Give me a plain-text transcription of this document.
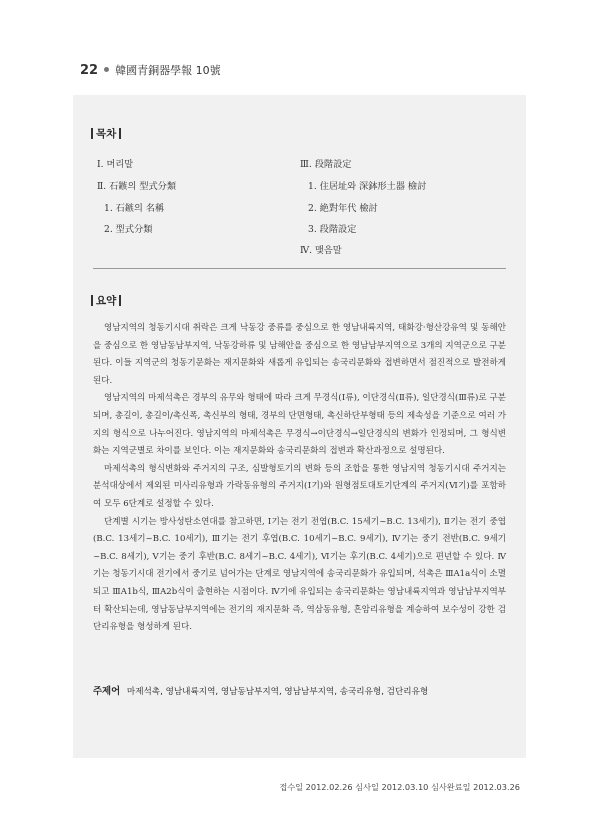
22 韓國青銅器學報 10號
목차
Ⅰ. 머리말
Ⅱ. 石鏃의 型式分類
1. 石鏃의 名稱
2. 型式分類
Ⅲ. 段階設定
1. 住居址와 深鉢形土器 檢討
2. 絶對年代 檢討
3. 段階設定
Ⅳ. 맺음말
요약

영남지역의 청동기시대 취락은 크게 낙동강 중류를 중심으로 한 영남내륙지역, 태화강·형산강유역 및 동해안을 중심으로 한 영남동남부지역, 낙동강하류 및 남해안을 중심으로 한 영남남부지역으로 3개의 지역군으로 구분된다. 이들 지역군의 청동기문화는 재지문화와 새롭게 유입되는 송국리문화와 접변하면서 점진적으로 발전하게 된다.

영남지역의 마제석촉은 경부의 유무와 형태에 따라 크게 무경식(Ⅰ류), 이단경식(Ⅱ류), 일단경식(Ⅲ류)로 구분되며, 총길이, 총길이/촉신폭, 촉신부의 형태, 경부의 단면형태, 촉신하단부형태 등의 제속성을 기준으로 여러 가지의 형식으로 나누어진다. 영남지역의 마제석촉은 무경식→이단경식→일단경식의 변화가 인정되며, 그 형식변화는 지역군별로 차이를 보인다. 이는 재지문화와 송국리문화의 접변과 확산과정으로 설명된다.

마제석촉의 형식변화와 주거지의 구조, 심발형토기의 변화 등의 조합을 통한 영남지역 청동기시대 주거지는 분석대상에서 제외된 미사리유형과 가락동유형의 주거지(Ⅰ기)와 원형점토대토기단계의 주거지(Ⅵ기)를 포함하여 모두 6단계로 설정할 수 있다.

단계별 시기는 방사성탄소연대를 참고하면, Ⅰ기는 전기 전엽(B.C. 15세기~B.C. 13세기), Ⅱ기는 전기 중엽(B.C. 13세기~B.C. 10세기), Ⅲ기는 전기 후엽(B.C. 10세기~B.C. 9세기), Ⅳ기는 중기 전반(B.C. 9세기~B.C. 8세기), Ⅴ기는 중기 후반(B.C. 8세기~B.C. 4세기), Ⅵ기는 후기(B.C. 4세기)으로 편년할 수 있다. Ⅳ기는 청동기시대 전기에서 중기로 넘어가는 단계로 영남지역에 송국리문화가 유입되며, 석촉은 ⅢA1a식이 소멸되고 ⅢA1b식, ⅢA2b식이 출현하는 시점이다. Ⅳ기에 유입되는 송국리문화는 영남내륙지역과 영남남부지역부터 확산되는데, 영남동남부지역에는 전기의 재지문화 즉, 역삼동유형, 흔암리유형을 계승하여 보수성이 강한 검단리유형을 형성하게 된다.

주제어 마제석촉, 영남내륙지역, 영남동남부지역, 영남남부지역, 송국리유형, 검단리유형
접수일 2012.02.26 심사일 2012.03.10 심사완료일 2012.03.26
